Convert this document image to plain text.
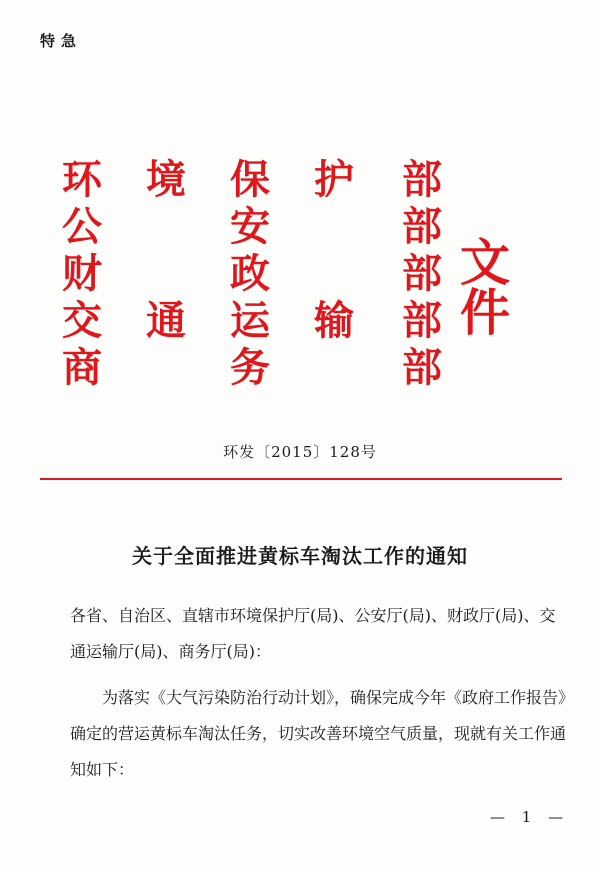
特急
环 境 保 护 部
公	安	部
财	政	部
交 通 运 输 部
商	务	部
文件
环发〔2015〕128号
关于全面推进黄标车淘汰工作的通知
各省、自治区、直辖市环境保护厅(局)、公安厅(局)、财政厅(局)、交通运输厅(局)、商务厅(局)：
为落实《大气污染防治行动计划》，确保完成今年《政府工作报告》确定的营运黄标车淘汰任务，切实改善环境空气质量，现就有关工作通知如下：
— 1 —
